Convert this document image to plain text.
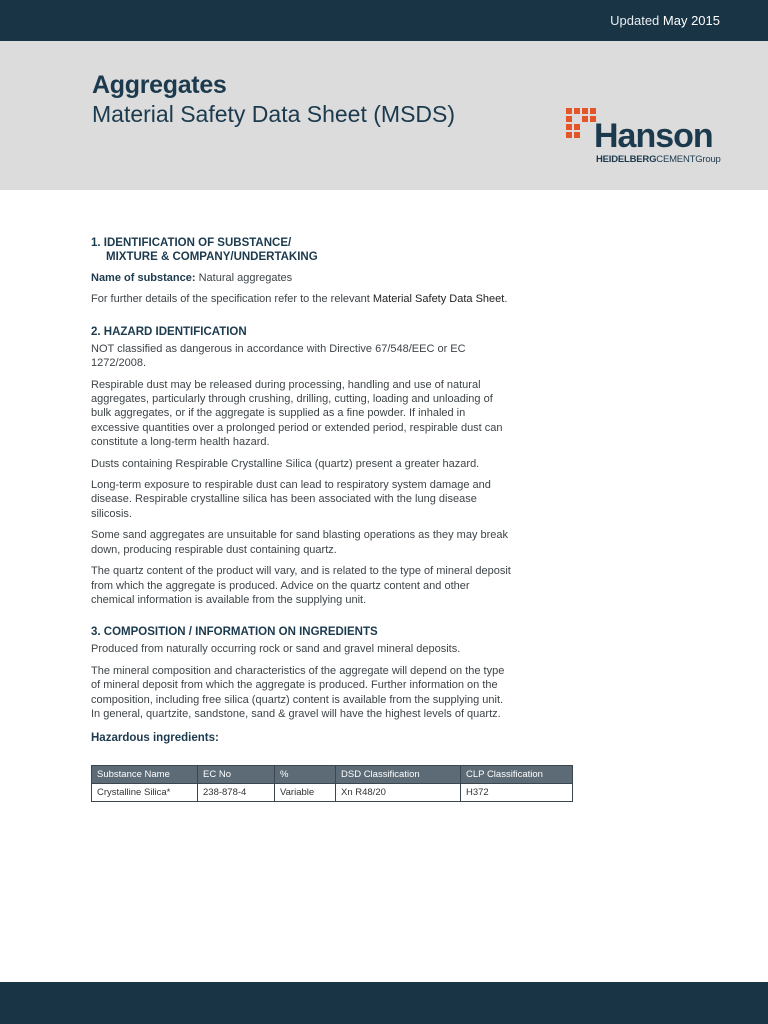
Updated May 2015
Aggregates
Material Safety Data Sheet (MSDS)
Hanson
HEIDELBERGCEMENTGroup
1. IDENTIFICATION OF SUBSTANCE/
MIXTURE & COMPANY/UNDERTAKING
Name of substance: Natural aggregates
For further details of the specification refer to the relevant Material Safety Data Sheet.
2. HAZARD IDENTIFICATION
NOT classified as dangerous in accordance with Directive 67/548/EEC or EC 1272/2008.
Respirable dust may be released during processing, handling and use of natural aggregates, particularly through crushing, drilling, cutting, loading and unloading of bulk aggregates, or if the aggregate is supplied as a fine powder. If inhaled in excessive quantities over a prolonged period or extended period, respirable dust can constitute a long-term health hazard.
Dusts containing Respirable Crystalline Silica (quartz) present a greater hazard.
Long-term exposure to respirable dust can lead to respiratory system damage and disease. Respirable crystalline silica has been associated with the lung disease silicosis.
Some sand aggregates are unsuitable for sand blasting operations as they may break down, producing respirable dust containing quartz.
The quartz content of the product will vary, and is related to the type of mineral deposit from which the aggregate is produced. Advice on the quartz content and other chemical information is available from the supplying unit.
3. COMPOSITION / INFORMATION ON INGREDIENTS
Produced from naturally occurring rock or sand and gravel mineral deposits.
The mineral composition and characteristics of the aggregate will depend on the type of mineral deposit from which the aggregate is produced. Further information on the composition, including free silica (quartz) content is available from the supplying unit. In general, quartzite, sandstone, sand & gravel will have the highest levels of quartz.
Hazardous ingredients:
Substance Name	EC No	%	DSD Classification	CLP Classification
Crystalline Silica*	238-878-4	Variable	Xn R48/20	H372
